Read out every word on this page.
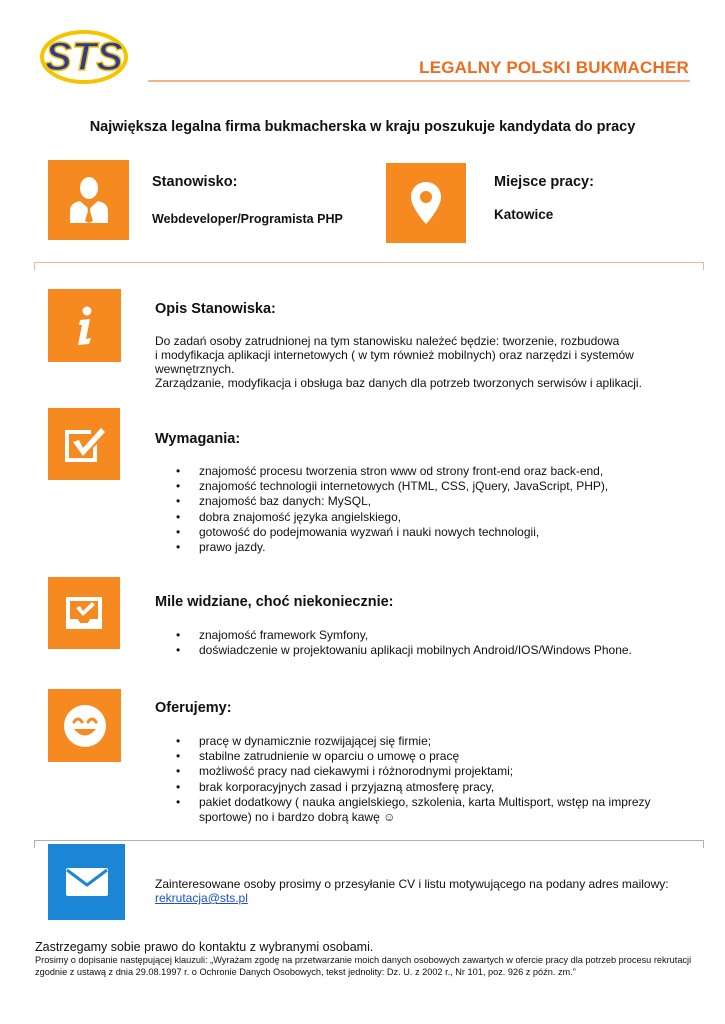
STS	LEGALNY POLSKI BUKMACHER
Największa legalna firma bukmacherska w kraju poszukuje kandydata do pracy
Stanowisko:
Webdeveloper/Programista PHP
Miejsce pracy:
Katowice
Opis Stanowiska:
Do zadań osoby zatrudnionej na tym stanowisku należeć będzie: tworzenie, rozbudowa
i modyfikacja aplikacji internetowych ( w tym również mobilnych) oraz narzędzi i systemów
wewnętrznych.
Zarządzanie, modyfikacja i obsługa baz danych dla potrzeb tworzonych serwisów i aplikacji.
Wymagania:
• znajomość procesu tworzenia stron www od strony front-end oraz back-end,
• znajomość technologii internetowych (HTML, CSS, jQuery, JavaScript, PHP),
• znajomość baz danych: MySQL,
• dobra znajomość języka angielskiego,
• gotowość do podejmowania wyzwań i nauki nowych technologii,
• prawo jazdy.
Mile widziane, choć niekoniecznie:
• znajomość framework Symfony,
• doświadczenie w projektowaniu aplikacji mobilnych Android/IOS/Windows Phone.
Oferujemy:
• pracę w dynamicznie rozwijającej się firmie;
• stabilne zatrudnienie w oparciu o umowę o pracę
• możliwość pracy nad ciekawymi i różnorodnymi projektami;
• brak korporacyjnych zasad i przyjazną atmosferę pracy,
• pakiet dodatkowy ( nauka angielskiego, szkolenia, karta Multisport, wstęp na imprezy
sportowe) no i bardzo dobrą kawę ☺
Zainteresowane osoby prosimy o przesyłanie CV i listu motywującego na podany adres mailowy:
rekrutacja@sts.pl
Zastrzegamy sobie prawo do kontaktu z wybranymi osobami.
Prosimy o dopisanie następującej klauzuli: „Wyrażam zgodę na przetwarzanie moich danych osobowych zawartych w ofercie pracy dla potrzeb procesu rekrutacji zgodnie z ustawą z dnia 29.08.1997 r. o Ochronie Danych Osobowych, tekst jednolity: Dz. U. z 2002 r., Nr 101, poz. 926 z późn. zm.”
